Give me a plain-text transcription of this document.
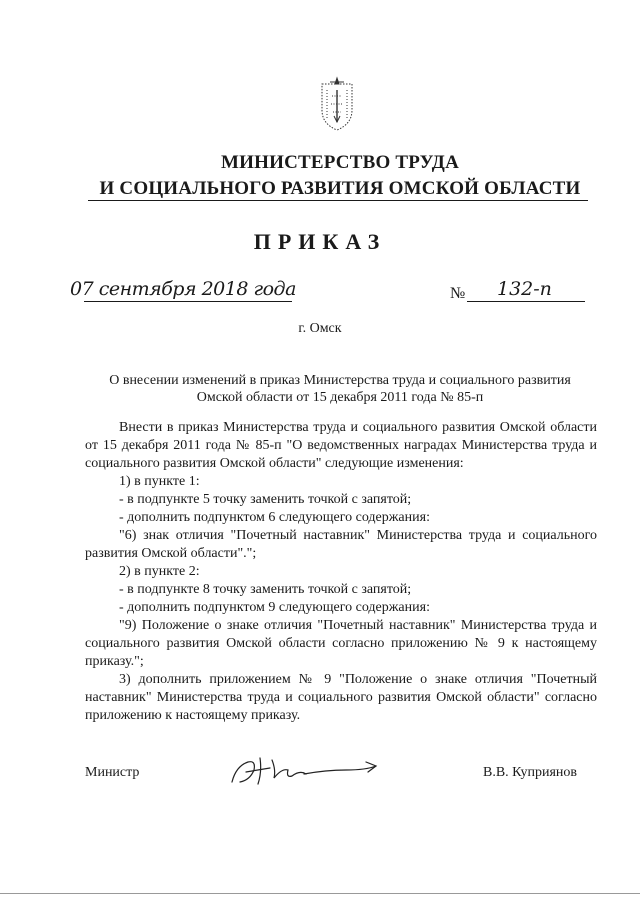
МИНИСТЕРСТВО ТРУДА
И СОЦИАЛЬНОГО РАЗВИТИЯ ОМСКОЙ ОБЛАСТИ
ПРИКАЗ
07 сентября 2018 года	№ 132-п
г. Омск
О внесении изменений в приказ Министерства труда и социального развития Омской области от 15 декабря 2011 года № 85-п

Внести в приказ Министерства труда и социального развития Омской области от 15 декабря 2011 года № 85-п "О ведомственных наградах Министерства труда и социального развития Омской области" следующие изменения:

1) в пункте 1:

- в подпункте 5 точку заменить точкой с запятой;

- дополнить подпунктом 6 следующего содержания:

"6) знак отличия "Почетный наставник" Министерства труда и социального развития Омской области".";

2) в пункте 2:

- в подпункте 8 точку заменить точкой с запятой;

- дополнить подпунктом 9 следующего содержания:

"9) Положение о знаке отличия "Почетный наставник" Министерства труда и социального развития Омской области согласно приложению № 9 к настоящему приказу.";

3) дополнить приложением № 9 "Положение о знаке отличия "Почетный наставник" Министерства труда и социального развития Омской области" согласно приложению к настоящему приказу.

Министр	В.В. Куприянов
